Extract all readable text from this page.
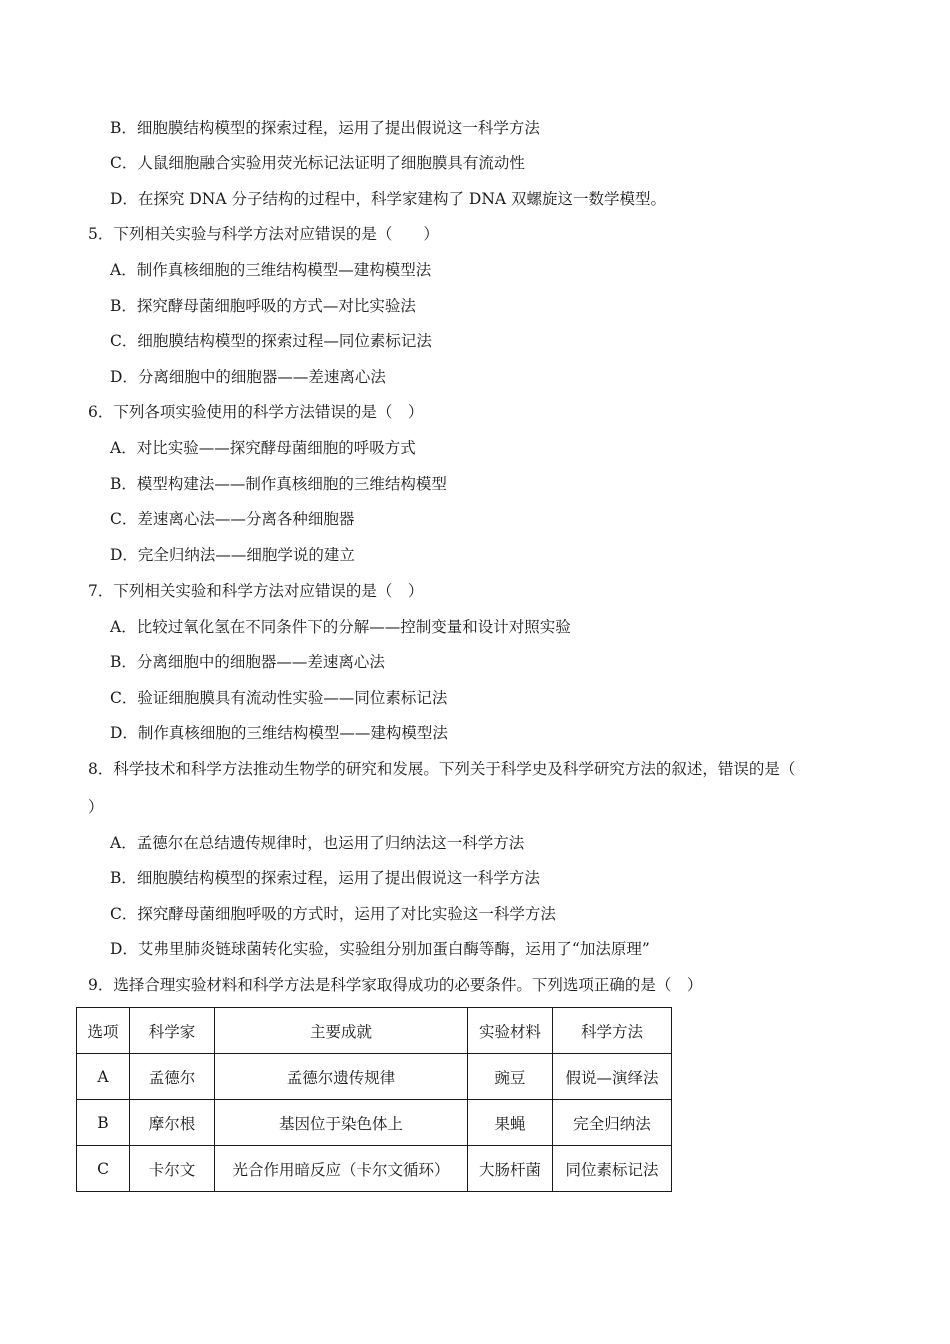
B．细胞膜结构模型的探索过程，运用了提出假说这一科学方法
C．人鼠细胞融合实验用荧光标记法证明了细胞膜具有流动性
D．在探究 DNA 分子结构的过程中，科学家建构了 DNA 双螺旋这一数学模型。
5．下列相关实验与科学方法对应错误的是（　　）
A．制作真核细胞的三维结构模型—建构模型法
B．探究酵母菌细胞呼吸的方式—对比实验法
C．细胞膜结构模型的探索过程—同位素标记法
D．分离细胞中的细胞器——差速离心法
6．下列各项实验使用的科学方法错误的是（　）
A．对比实验——探究酵母菌细胞的呼吸方式
B．模型构建法——制作真核细胞的三维结构模型
C．差速离心法——分离各种细胞器
D．完全归纳法——细胞学说的建立
7．下列相关实验和科学方法对应错误的是（　）
A．比较过氧化氢在不同条件下的分解——控制变量和设计对照实验
B．分离细胞中的细胞器——差速离心法
C．验证细胞膜具有流动性实验——同位素标记法
D．制作真核细胞的三维结构模型——建构模型法
8．科学技术和科学方法推动生物学的研究和发展。下列关于科学史及科学研究方法的叙述，错误的是（
）
A．孟德尔在总结遗传规律时，也运用了归纳法这一科学方法
B．细胞膜结构模型的探索过程，运用了提出假说这一科学方法
C．探究酵母菌细胞呼吸的方式时，运用了对比实验这一科学方法
D．艾弗里肺炎链球菌转化实验，实验组分别加蛋白酶等酶，运用了“加法原理”
9．选择合理实验材料和科学方法是科学家取得成功的必要条件。下列选项正确的是（　）
选项	科学家	主要成就	实验材料	科学方法
A	孟德尔	孟德尔遗传规律	豌豆	假说—演绎法
B	摩尔根	基因位于染色体上	果蝇	完全归纳法
C	卡尔文	光合作用暗反应（卡尔文循环）	大肠杆菌	同位素标记法
